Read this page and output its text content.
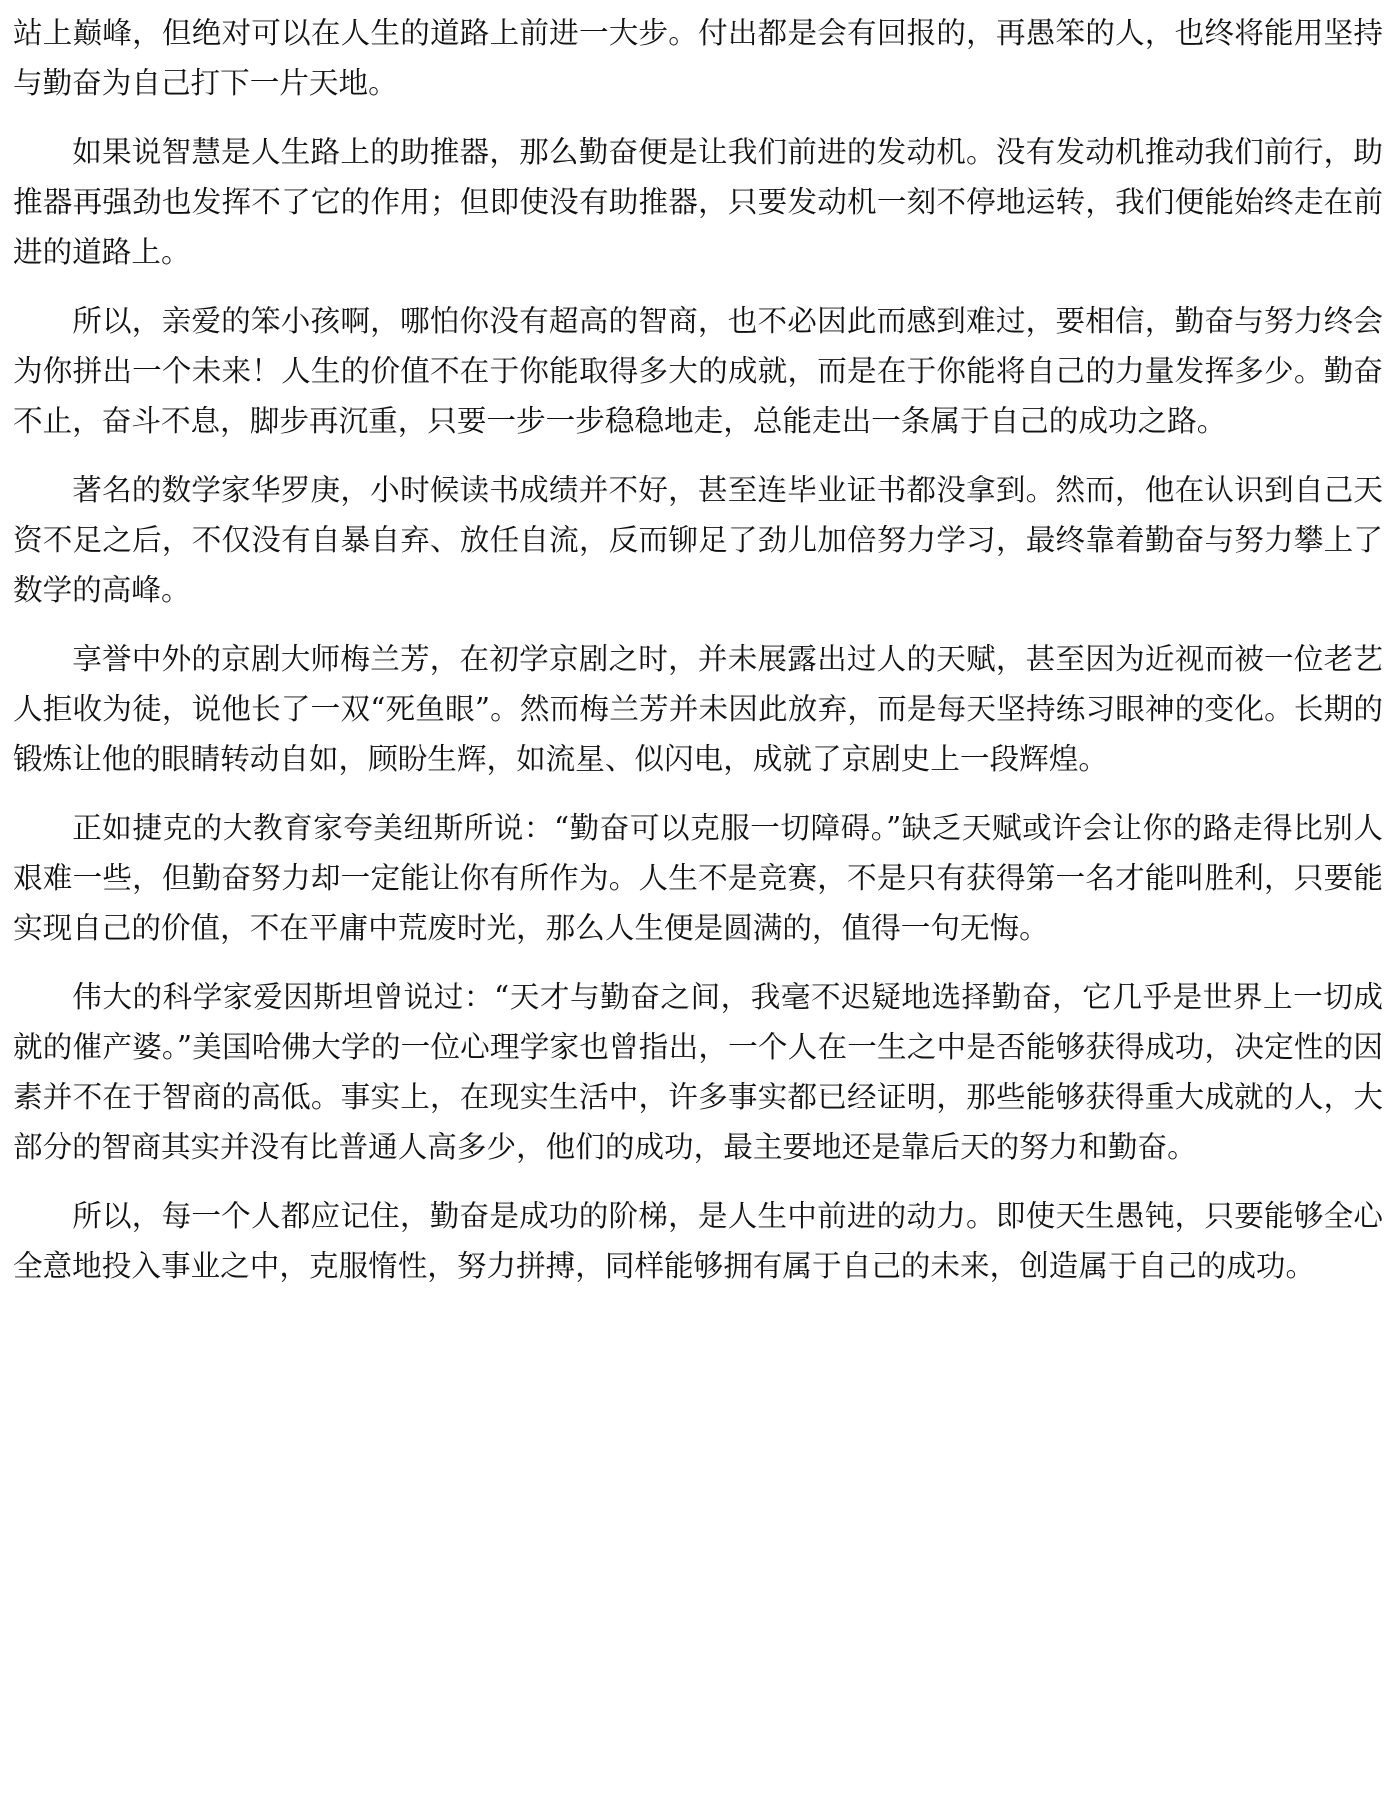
站上巅峰，但绝对可以在人生的道路上前进一大步。付出都是会有回报的，再愚笨的人，也终将能用坚持与勤奋为自己打下一片天地。

如果说智慧是人生路上的助推器，那么勤奋便是让我们前进的发动机。没有发动机推动我们前行，助推器再强劲也发挥不了它的作用；但即使没有助推器，只要发动机一刻不停地运转，我们便能始终走在前进的道路上。

所以，亲爱的笨小孩啊，哪怕你没有超高的智商，也不必因此而感到难过，要相信，勤奋与努力终会为你拼出一个未来！人生的价值不在于你能取得多大的成就，而是在于你能将自己的力量发挥多少。勤奋不止，奋斗不息，脚步再沉重，只要一步一步稳稳地走，总能走出一条属于自己的成功之路。

著名的数学家华罗庚，小时候读书成绩并不好，甚至连毕业证书都没拿到。然而，他在认识到自己天资不足之后，不仅没有自暴自弃、放任自流，反而铆足了劲儿加倍努力学习，最终靠着勤奋与努力攀上了数学的高峰。

享誉中外的京剧大师梅兰芳，在初学京剧之时，并未展露出过人的天赋，甚至因为近视而被一位老艺人拒收为徒，说他长了一双“死鱼眼”。然而梅兰芳并未因此放弃，而是每天坚持练习眼神的变化。长期的锻炼让他的眼睛转动自如，顾盼生辉，如流星、似闪电，成就了京剧史上一段辉煌。

正如捷克的大教育家夸美纽斯所说：“勤奋可以克服一切障碍。”缺乏天赋或许会让你的路走得比别人艰难一些，但勤奋努力却一定能让你有所作为。人生不是竞赛，不是只有获得第一名才能叫胜利，只要能实现自己的价值，不在平庸中荒废时光，那么人生便是圆满的，值得一句无悔。

伟大的科学家爱因斯坦曾说过：“天才与勤奋之间，我毫不迟疑地选择勤奋，它几乎是世界上一切成就的催产婆。”美国哈佛大学的一位心理学家也曾指出，一个人在一生之中是否能够获得成功，决定性的因素并不在于智商的高低。事实上，在现实生活中，许多事实都已经证明，那些能够获得重大成就的人，大部分的智商其实并没有比普通人高多少，他们的成功，最主要地还是靠后天的努力和勤奋。

所以，每一个人都应记住，勤奋是成功的阶梯，是人生中前进的动力。即使天生愚钝，只要能够全心全意地投入事业之中，克服惰性，努力拼搏，同样能够拥有属于自己的未来，创造属于自己的成功。
